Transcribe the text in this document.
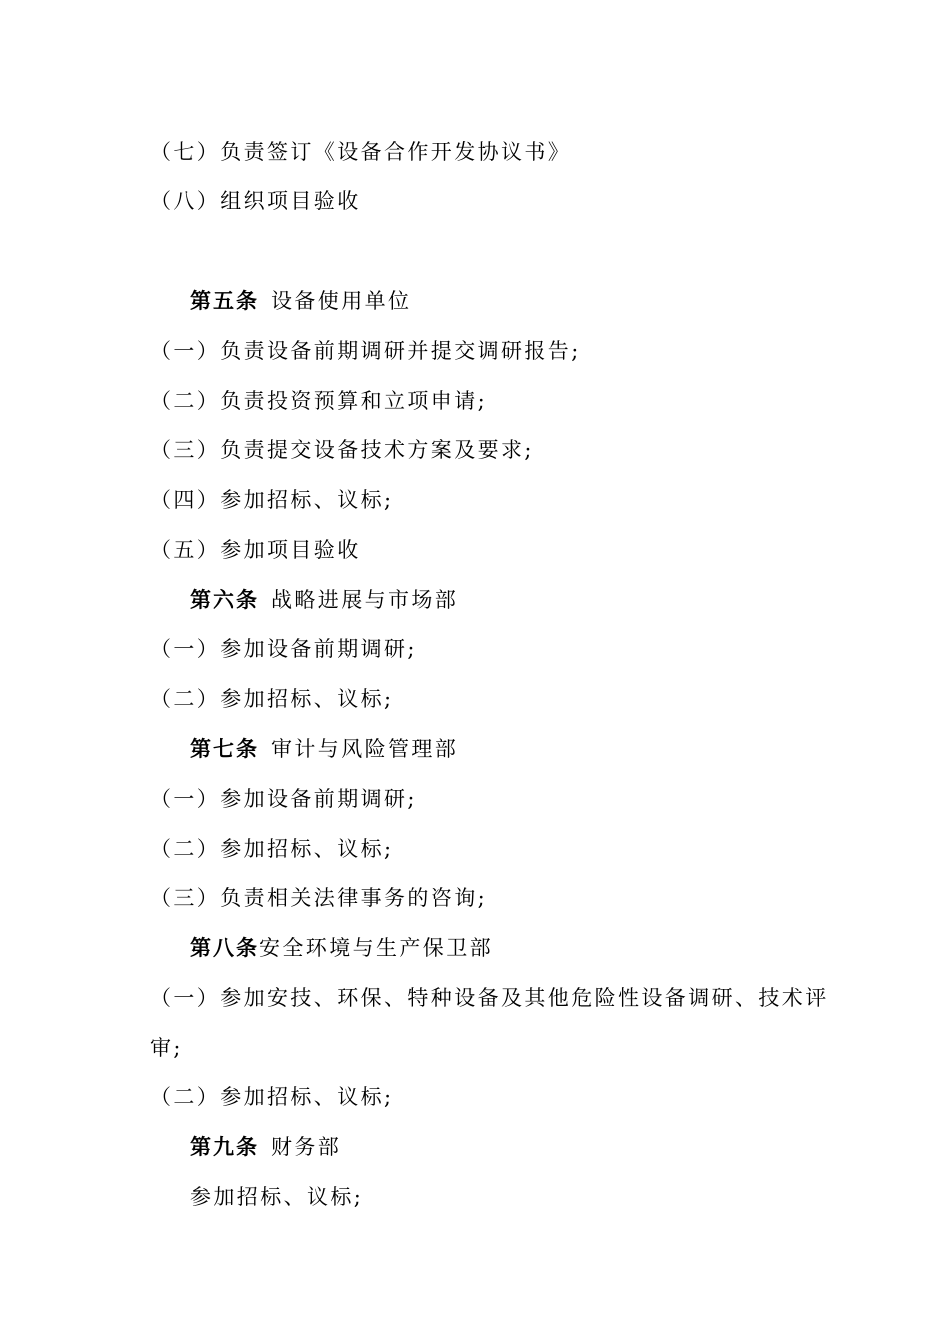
（七）负责签订《设备合作开发协议书》
（八）组织项目验收
第五条 设备使用单位
（一）负责设备前期调研并提交调研报告;
（二）负责投资预算和立项申请;
（三）负责提交设备技术方案及要求;
（四）参加招标、议标;
（五）参加项目验收
第六条 战略进展与市场部
（一）参加设备前期调研;
（二）参加招标、议标;
第七条 审计与风险管理部
（一）参加设备前期调研;
（二）参加招标、议标;
（三）负责相关法律事务的咨询;
第八条安全环境与生产保卫部
（一）参加安技、环保、特种设备及其他危险性设备调研、技术评
审;
（二）参加招标、议标;
第九条 财务部
参加招标、议标;
